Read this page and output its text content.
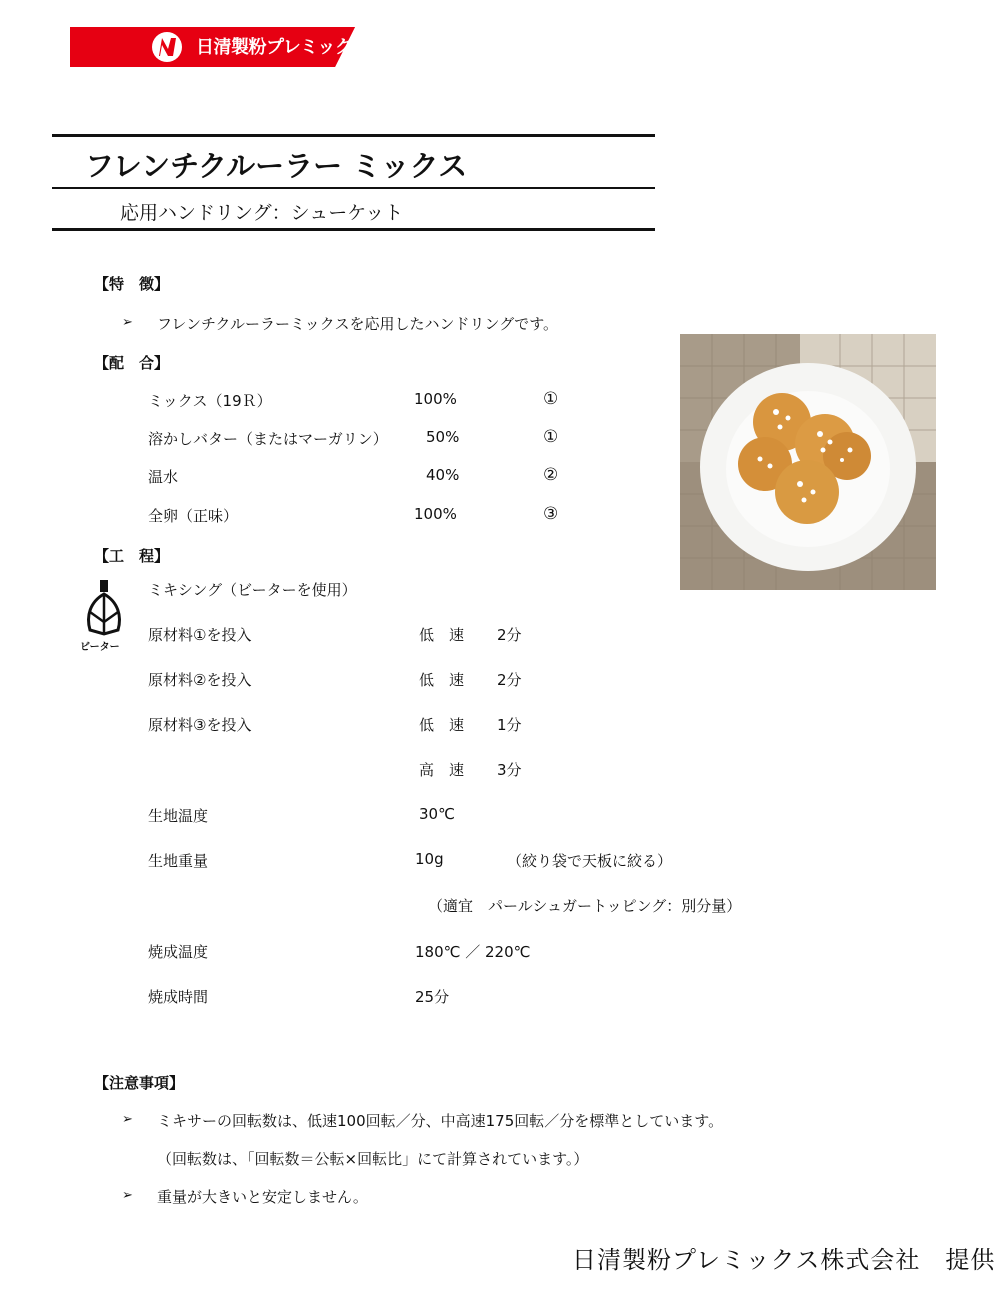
日清製粉プレミックス
フレンチクルーラー ミックス
応用ハンドリング：シューケット
【特　徴】
➢ フレンチクルーラーミックスを応用したハンドリングです。
【配　合】
ミックス（19Ｒ）	100%	①
溶かしバター（またはマーガリン）	50%	①
温水	40%	②
全卵（正味）	100%	③
【工　程】
ビーター
ミキシング（ビーターを使用）
原材料①を投入	低　速 2分
原材料②を投入	低　速 2分
原材料③を投入	低　速 1分
高　速 3分
生地温度	30℃
生地重量	10g	（絞り袋で天板に絞る）
（適宜　パールシュガートッピング：別分量）
焼成温度	180℃ ／ 220℃
焼成時間	25分
【注意事項】
➢ ミキサーの回転数は、低速100回転／分、中高速175回転／分を標準としています。
（回転数は、「回転数＝公転×回転比」にて計算されています。）
➢ 重量が大きいと安定しません。
日清製粉プレミックス株式会社　提供
